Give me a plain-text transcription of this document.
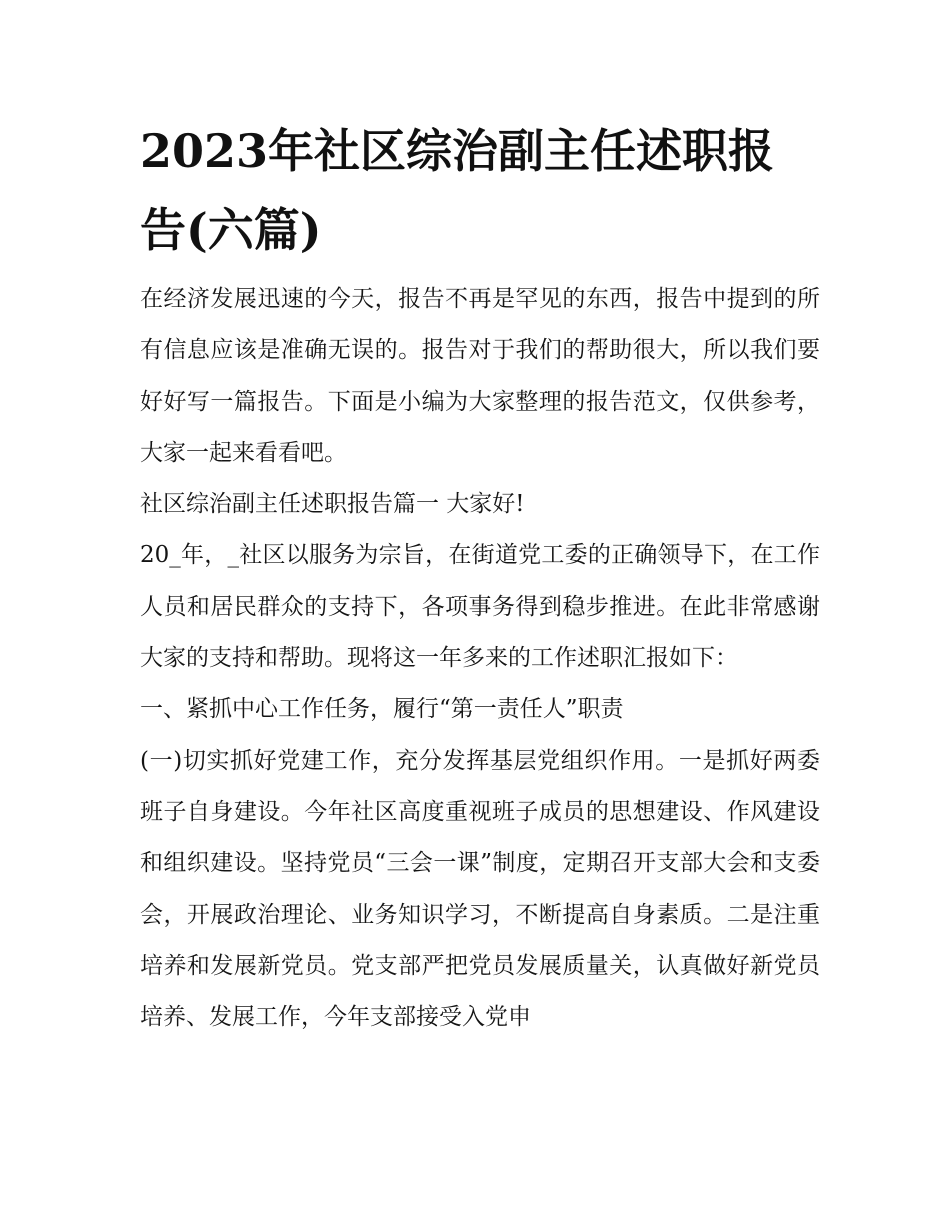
2023年社区综治副主任述职报告(六篇)

在经济发展迅速的今天，报告不再是罕见的东西，报告中提到的所有信息应该是准确无误的。报告对于我们的帮助很大，所以我们要好好写一篇报告。下面是小编为大家整理的报告范文，仅供参考，大家一起来看看吧。

社区综治副主任述职报告篇一 大家好!

20_年，_社区以服务为宗旨，在街道党工委的正确领导下，在工作人员和居民群众的支持下，各项事务得到稳步推进。在此非常感谢大家的支持和帮助。现将这一年多来的工作述职汇报如下：

一、紧抓中心工作任务，履行“第一责任人”职责

(一)切实抓好党建工作，充分发挥基层党组织作用。一是抓好两委班子自身建设。今年社区高度重视班子成员的思想建设、作风建设和组织建设。坚持党员“三会一课”制度，定期召开支部大会和支委会，开展政治理论、业务知识学习，不断提高自身素质。二是注重培养和发展新党员。党支部严把党员发展质量关，认真做好新党员培养、发展工作，今年支部接受入党申
